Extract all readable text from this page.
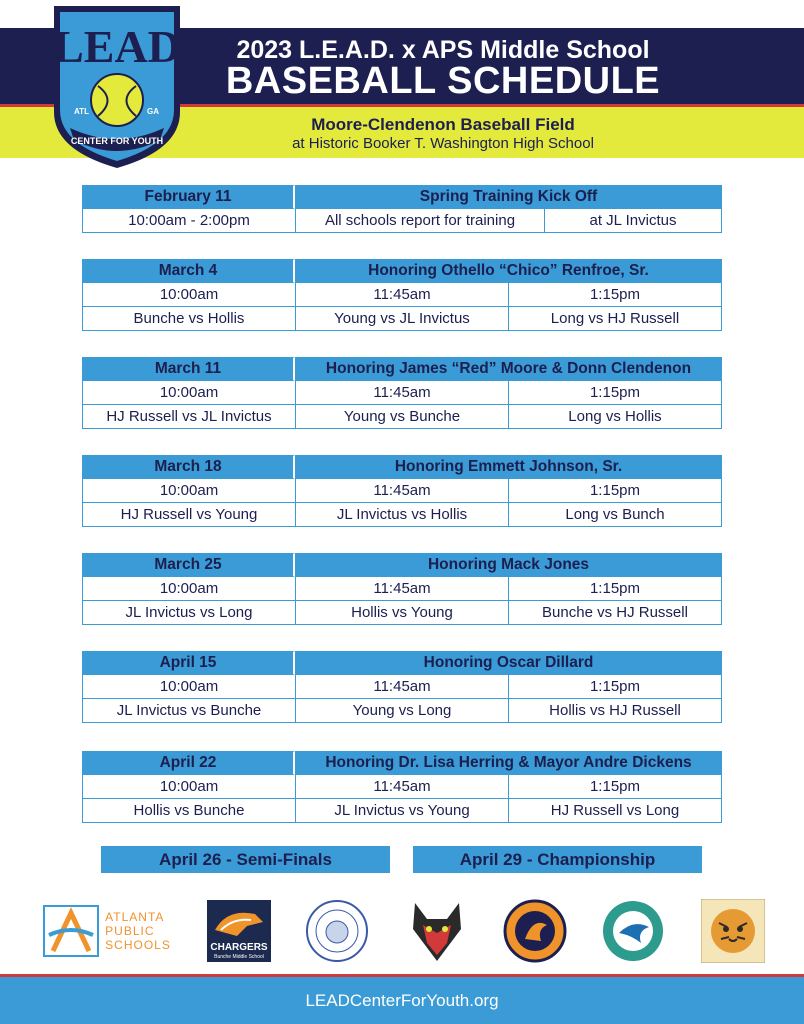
2023 L.E.A.D. x APS Middle School
BASEBALL SCHEDULE
Moore-Clendenon Baseball Field
at Historic Booker T. Washington High School
LEAD
ATL	GA
CENTER FOR YOUTH
February 11	Spring Training Kick Off
10:00am - 2:00pm	All schools report for training	at JL Invictus
March 4	Honoring Othello “Chico” Renfroe, Sr.
10:00am	11:45am	1:15pm
Bunche vs Hollis	Young vs JL Invictus	Long vs HJ Russell
March 11	Honoring James “Red” Moore & Donn Clendenon
10:00am	11:45am	1:15pm
HJ Russell vs JL Invictus	Young vs Bunche	Long vs Hollis
March 18	Honoring Emmett Johnson, Sr.
10:00am	11:45am	1:15pm
HJ Russell vs Young	JL Invictus vs Hollis	Long vs Bunch
March 25	Honoring Mack Jones
10:00am	11:45am	1:15pm
JL Invictus vs Long	Hollis vs Young	Bunche vs HJ Russell
April 15	Honoring Oscar Dillard
10:00am	11:45am	1:15pm
JL Invictus vs Bunche	Young vs Long	Hollis vs HJ Russell
April 22	Honoring Dr. Lisa Herring & Mayor Andre Dickens
10:00am	11:45am	1:15pm
Hollis vs Bunche	JL Invictus vs Young	HJ Russell vs Long
April 26 - Semi-Finals	April 29 - Championship
ATLANTA
PUBLIC
SCHOOLS	CHARGERS
Bunche Middle School
LEADCenterForYouth.org
